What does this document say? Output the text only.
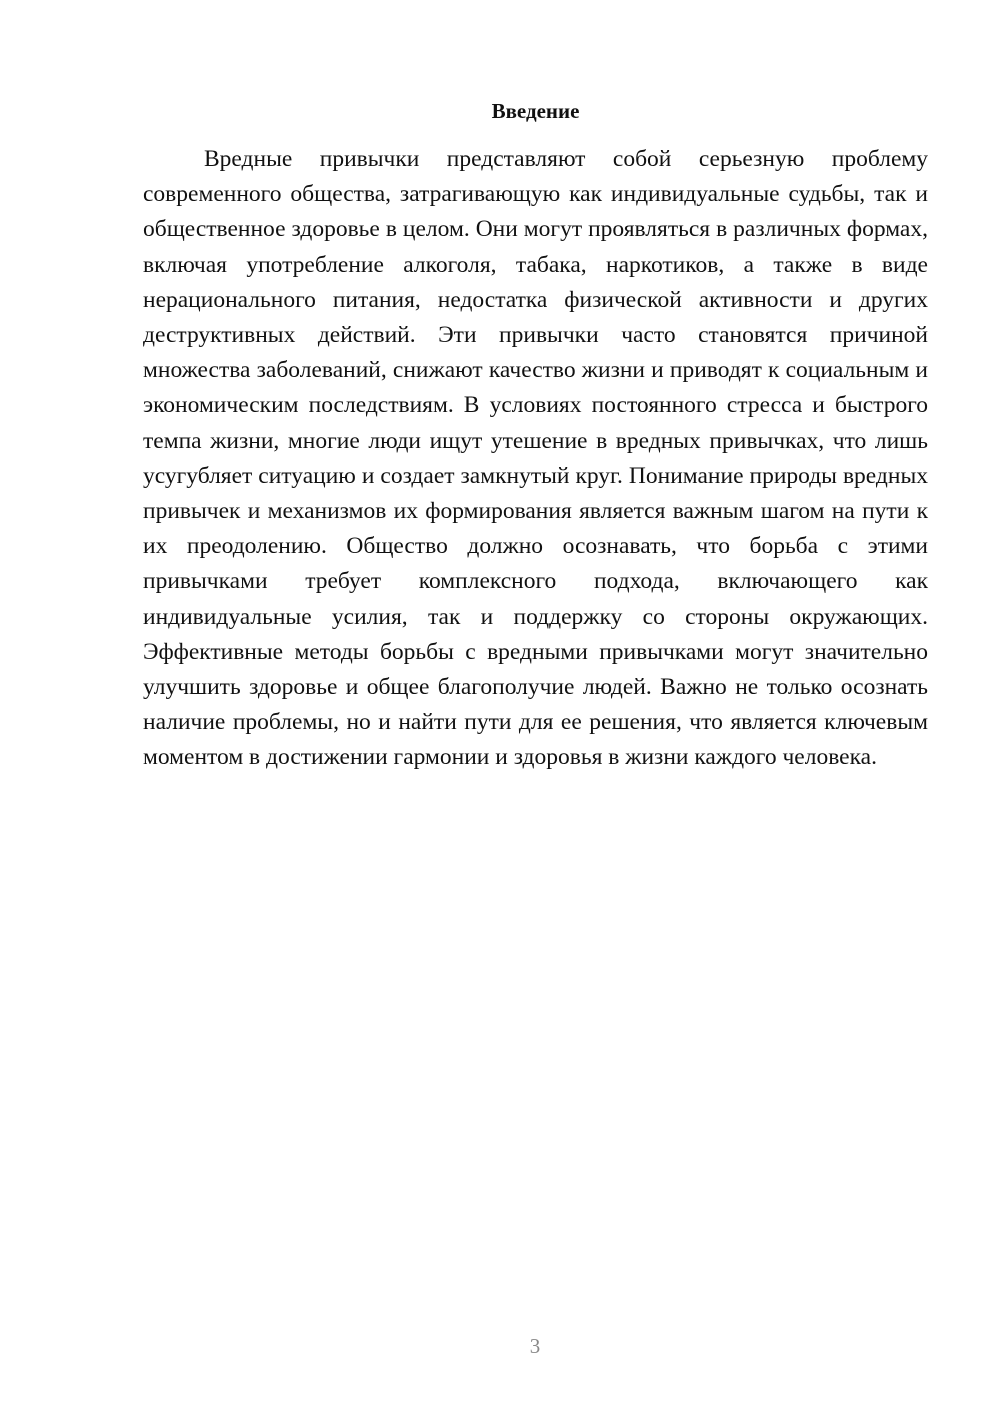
Введение

Вредные привычки представляют собой серьезную проблему современного общества, затрагивающую как индивидуальные судьбы, так и общественное здоровье в целом. Они могут проявляться в различных формах, включая употребление алкоголя, табака, наркотиков, а также в виде нерационального питания, недостатка физической активности и других деструктивных действий. Эти привычки часто становятся причиной множества заболеваний, снижают качество жизни и приводят к социальным и экономическим последствиям. В условиях постоянного стресса и быстрого темпа жизни, многие люди ищут утешение в вредных привычках, что лишь усугубляет ситуацию и создает замкнутый круг. Понимание природы вредных привычек и механизмов их формирования является важным шагом на пути к их преодолению. Общество должно осознавать, что борьба с этими привычками требует комплексного подхода, включающего как индивидуальные усилия, так и поддержку со стороны окружающих. Эффективные методы борьбы с вредными привычками могут значительно улучшить здоровье и общее благополучие людей. Важно не только осознать наличие проблемы, но и найти пути для ее решения, что является ключевым моментом в достижении гармонии и здоровья в жизни каждого человека.

3
